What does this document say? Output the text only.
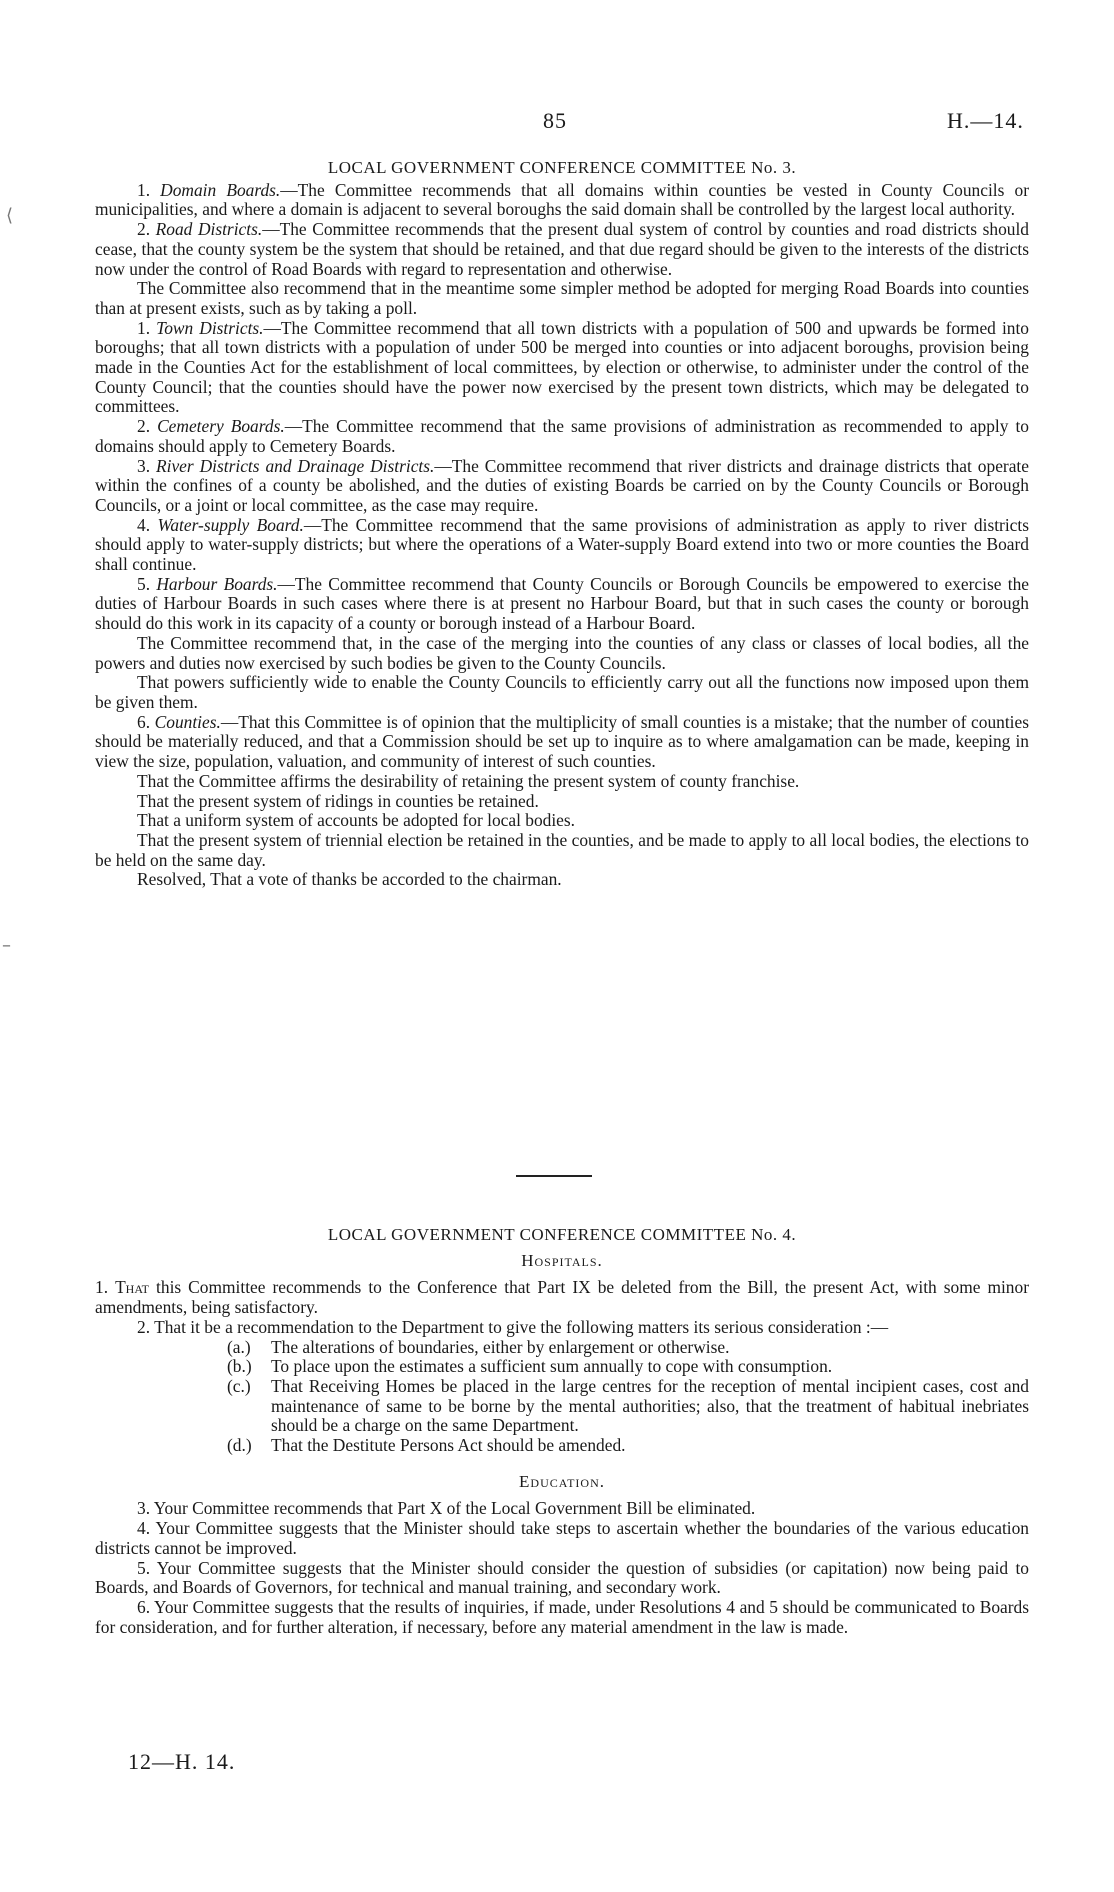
85	H.—14.
⟨
–
LOCAL GOVERNMENT CONFERENCE COMMITTEE No. 3.

1. Domain Boards.—The Committee recommends that all domains within counties be vested in County Councils or municipalities, and where a domain is adjacent to several boroughs the said domain shall be controlled by the largest local authority.

2. Road Districts.—The Committee recommends that the present dual system of control by counties and road districts should cease, that the county system be the system that should be retained, and that due regard should be given to the interests of the districts now under the control of Road Boards with regard to representation and otherwise.

The Committee also recommend that in the meantime some simpler method be adopted for merging Road Boards into counties than at present exists, such as by taking a poll.

1. Town Districts.—The Committee recommend that all town districts with a population of 500 and upwards be formed into boroughs; that all town districts with a population of under 500 be merged into counties or into adjacent boroughs, provision being made in the Counties Act for the establishment of local committees, by election or otherwise, to administer under the control of the County Council; that the counties should have the power now exercised by the present town districts, which may be delegated to committees.

2. Cemetery Boards.—The Committee recommend that the same provisions of administration as recommended to apply to domains should apply to Cemetery Boards.

3. River Districts and Drainage Districts.—The Committee recommend that river districts and drainage districts that operate within the confines of a county be abolished, and the duties of existing Boards be carried on by the County Councils or Borough Councils, or a joint or local committee, as the case may require.

4. Water-supply Board.—The Committee recommend that the same provisions of administration as apply to river districts should apply to water-supply districts; but where the operations of a Water-supply Board extend into two or more counties the Board shall continue.

5. Harbour Boards.—The Committee recommend that County Councils or Borough Councils be empowered to exercise the duties of Harbour Boards in such cases where there is at present no Harbour Board, but that in such cases the county or borough should do this work in its capacity of a county or borough instead of a Harbour Board.

The Committee recommend that, in the case of the merging into the counties of any class or classes of local bodies, all the powers and duties now exercised by such bodies be given to the County Councils.

That powers sufficiently wide to enable the County Councils to efficiently carry out all the functions now imposed upon them be given them.

6. Counties.—That this Committee is of opinion that the multiplicity of small counties is a mistake; that the number of counties should be materially reduced, and that a Commission should be set up to inquire as to where amalgamation can be made, keeping in view the size, population, valuation, and community of interest of such counties.

That the Committee affirms the desirability of retaining the present system of county franchise.

That the present system of ridings in counties be retained.

That a uniform system of accounts be adopted for local bodies.

That the present system of triennial election be retained in the counties, and be made to apply to all local bodies, the elections to be held on the same day.

Resolved, That a vote of thanks be accorded to the chairman.

LOCAL GOVERNMENT CONFERENCE COMMITTEE No. 4.
Hospitals.

1. That this Committee recommends to the Conference that Part IX be deleted from the Bill, the present Act, with some minor amendments, being satisfactory.

2. That it be a recommendation to the Department to give the following matters its serious consideration :—

(a.) The alterations of boundaries, either by enlargement or otherwise.
(b.) To place upon the estimates a sufficient sum annually to cope with consumption.
(c.) That Receiving Homes be placed in the large centres for the reception of mental incipient cases, cost and maintenance of same to be borne by the mental authorities; also, that the treatment of habitual inebriates should be a charge on the same Department.
(d.) That the Destitute Persons Act should be amended.
Education.

3. Your Committee recommends that Part X of the Local Government Bill be eliminated.

4. Your Committee suggests that the Minister should take steps to ascertain whether the boundaries of the various education districts cannot be improved.

5. Your Committee suggests that the Minister should consider the question of subsidies (or capitation) now being paid to Boards, and Boards of Governors, for technical and manual training, and secondary work.

6. Your Committee suggests that the results of inquiries, if made, under Resolutions 4 and 5 should be communicated to Boards for consideration, and for further alteration, if necessary, before any material amendment in the law is made.

12—H. 14.
